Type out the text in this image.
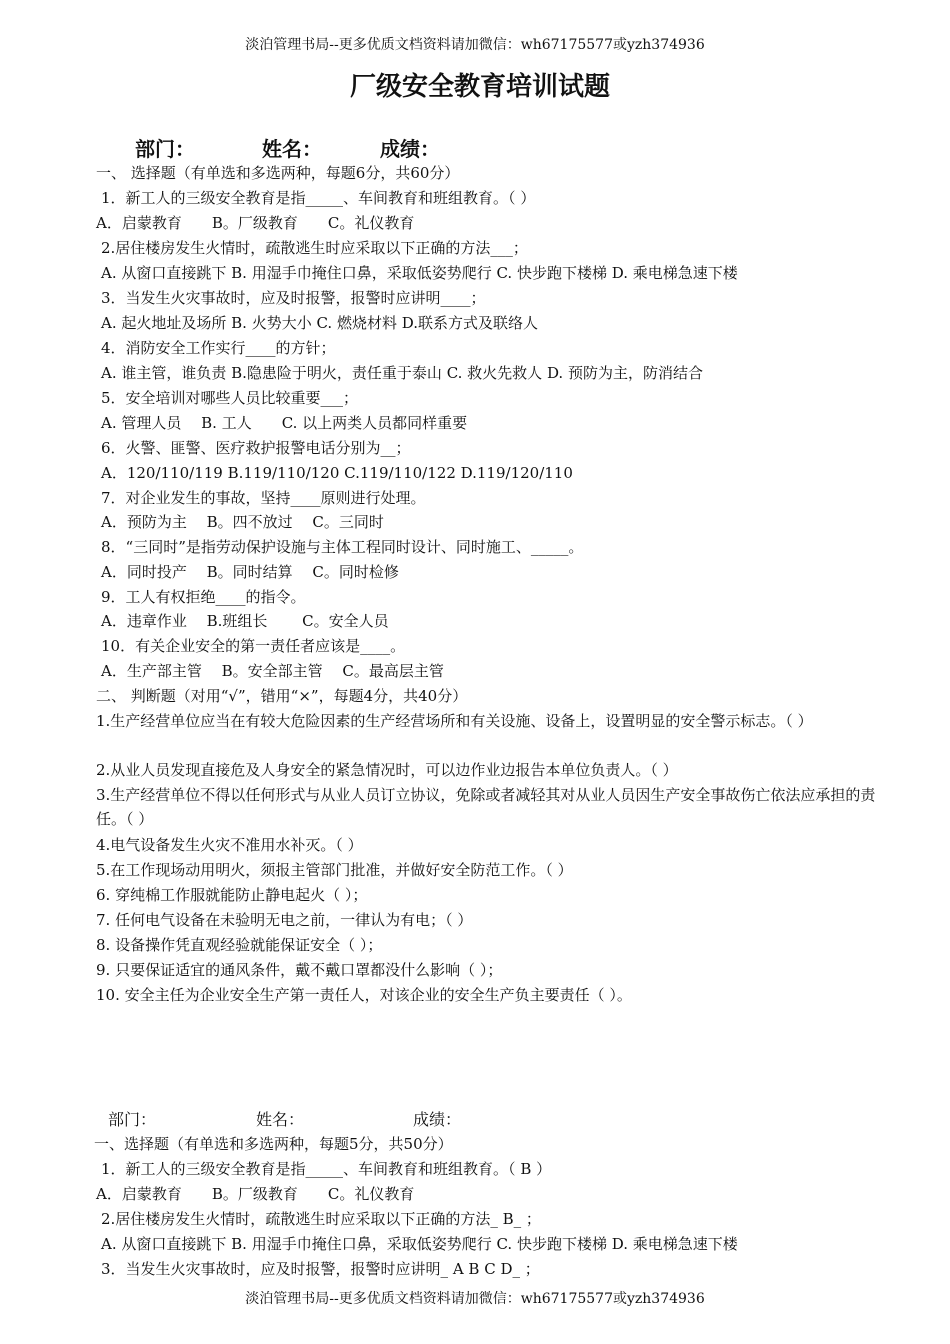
淡泊管理书局--更多优质文档资料请加微信：wh67175577或yzh374936
厂级安全教育培训试题
部门：	姓名：	成绩：
一、 选择题（有单选和多选两种，每题6分，共60分）
1．新工人的三级安全教育是指_____、车间教育和班组教育。（ ）
A．启蒙教育　　B。厂级教育　　C。礼仪教育
2.居住楼房发生火情时，疏散逃生时应采取以下正确的方法___；
A. 从窗口直接跳下 B. 用湿手巾掩住口鼻，采取低姿势爬行 C. 快步跑下楼梯 D. 乘电梯急速下楼
3．当发生火灾事故时，应及时报警，报警时应讲明____；
A. 起火地址及场所 B. 火势大小 C. 燃烧材料 D.联系方式及联络人
4．消防安全工作实行____的方针；
A. 谁主管，谁负责 B.隐患险于明火，责任重于泰山 C. 救火先救人 D. 预防为主，防消结合
5．安全培训对哪些人员比较重要___；
A. 管理人员　 B. 工人　　C. 以上两类人员都同样重要
6．火警、匪警、医疗救护报警电话分别为__；
A．120/110/119 B.119/110/120 C.119/110/122 D.119/120/110
7．对企业发生的事故，坚持____原则进行处理。
A．预防为主　 B。四不放过　 C。三同时
8．“三同时”是指劳动保护设施与主体工程同时设计、同时施工、_____。
A．同时投产　 B。同时结算　 C。同时检修
9．工人有权拒绝____的指令。
A．违章作业　 B.班组长　　 C。安全人员
10．有关企业安全的第一责任者应该是____。
A．生产部主管　 B。安全部主管　 C。最高层主管
二、 判断题（对用“√”，错用“×”，每题4分，共40分）
1.生产经营单位应当在有较大危险因素的生产经营场所和有关设施、设备上，设置明显的安全警示标志。（ ）
2.从业人员发现直接危及人身安全的紧急情况时，可以边作业边报告本单位负责人。（ ）
3.生产经营单位不得以任何形式与从业人员订立协议，免除或者减轻其对从业人员因生产安全事故伤亡依法应承担的责任。（ ）
4.电气设备发生火灾不准用水补灭。（ ）
5.在工作现场动用明火，须报主管部门批准，并做好安全防范工作。（ ）
6. 穿纯棉工作服就能防止静电起火（ ）；
7. 任何电气设备在未验明无电之前，一律认为有电；（ ）
8. 设备操作凭直观经验就能保证安全（ ）；
9. 只要保证适宜的通风条件，戴不戴口罩都没什么影响（ ）；
10. 安全主任为企业安全生产第一责任人，对该企业的安全生产负主要责任（ ）。
部门：	姓名：	成绩：
一、选择题（有单选和多选两种，每题5分，共50分）
1．新工人的三级安全教育是指_____、车间教育和班组教育。（ B ）
A．启蒙教育　　B。厂级教育　　C。礼仪教育
2.居住楼房发生火情时，疏散逃生时应采取以下正确的方法_ B_ ；
A. 从窗口直接跳下 B. 用湿手巾掩住口鼻，采取低姿势爬行 C. 快步跑下楼梯 D. 乘电梯急速下楼
3．当发生火灾事故时，应及时报警，报警时应讲明_ A B C D_ ；
淡泊管理书局--更多优质文档资料请加微信：wh67175577或yzh374936
